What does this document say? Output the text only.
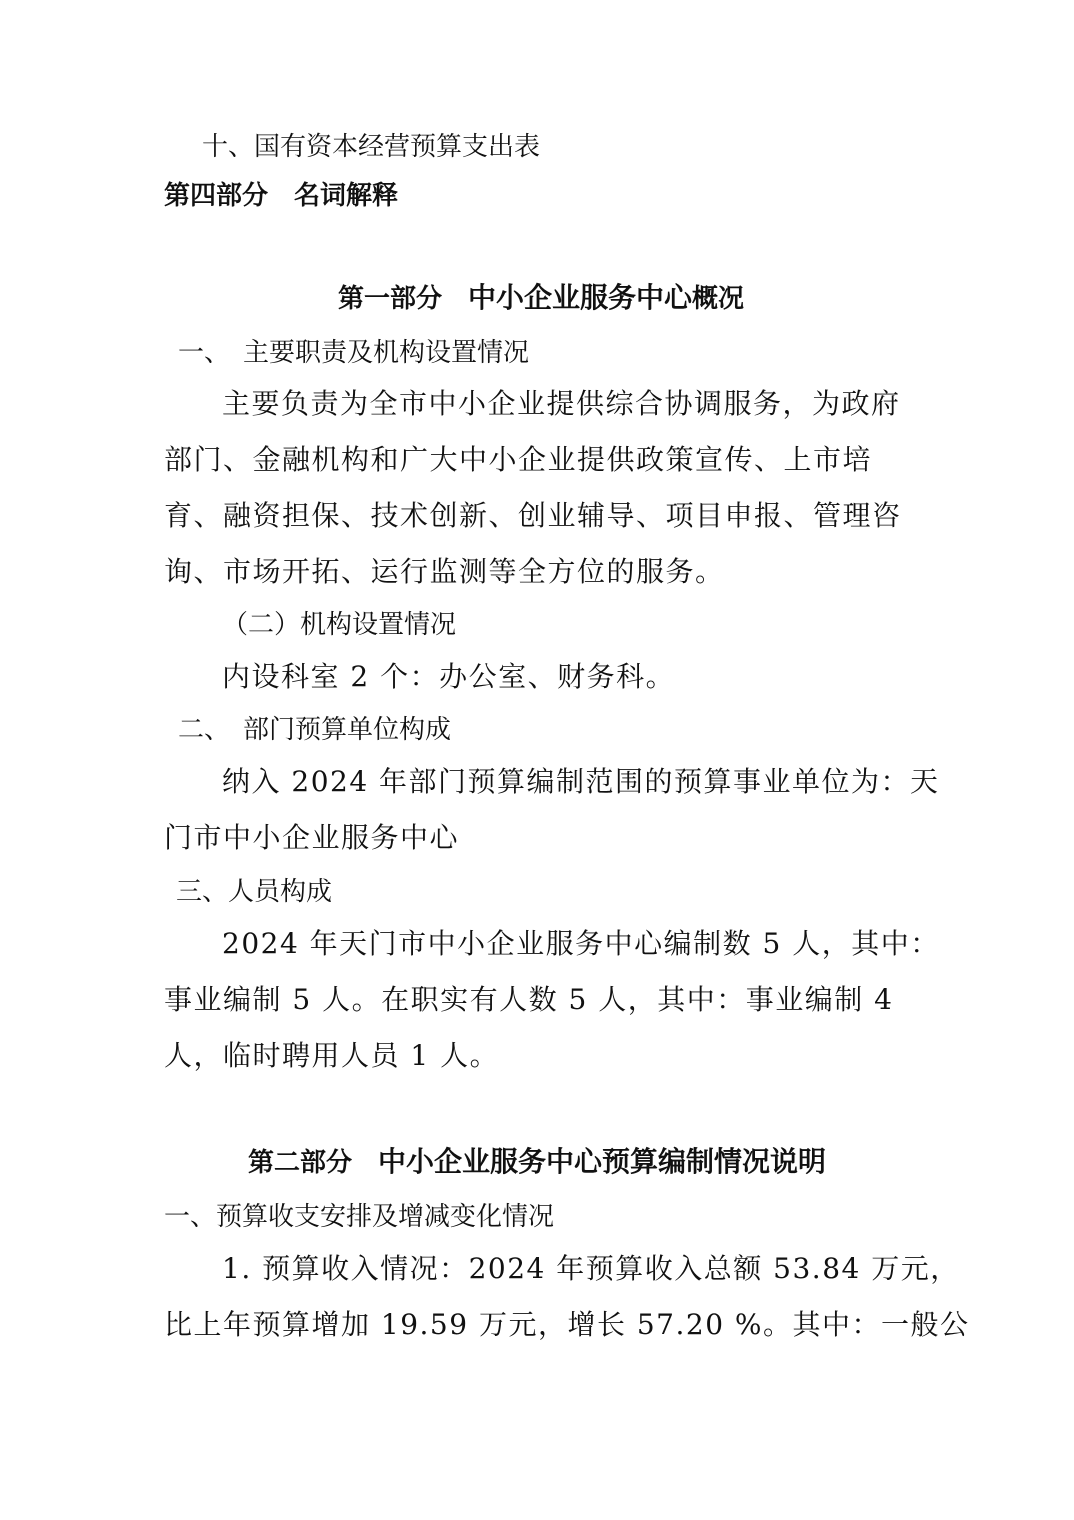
十、国有资本经营预算支出表
第四部分　名词解释
第一部分　中小企业服务中心概况
一、　主要职责及机构设置情况
主要负责为全市中小企业提供综合协调服务，为政府
部门、金融机构和广大中小企业提供政策宣传、上市培
育、融资担保、技术创新、创业辅导、项目申报、管理咨
询、市场开拓、运行监测等全方位的服务。
（二）机构设置情况
内设科室 2 个：办公室、财务科。
二、　部门预算单位构成
纳入 2024 年部门预算编制范围的预算事业单位为：天
门市中小企业服务中心
三、人员构成
2024 年天门市中小企业服务中心编制数 5 人，其中：
事业编制 5 人。在职实有人数 5 人，其中：事业编制 4
人，临时聘用人员 1 人。
第二部分　中小企业服务中心预算编制情况说明
一、预算收支安排及增减变化情况
1. 预算收入情况：2024 年预算收入总额 53.84 万元，
比上年预算增加 19.59 万元，增长 57.20 %。其中：一般公
